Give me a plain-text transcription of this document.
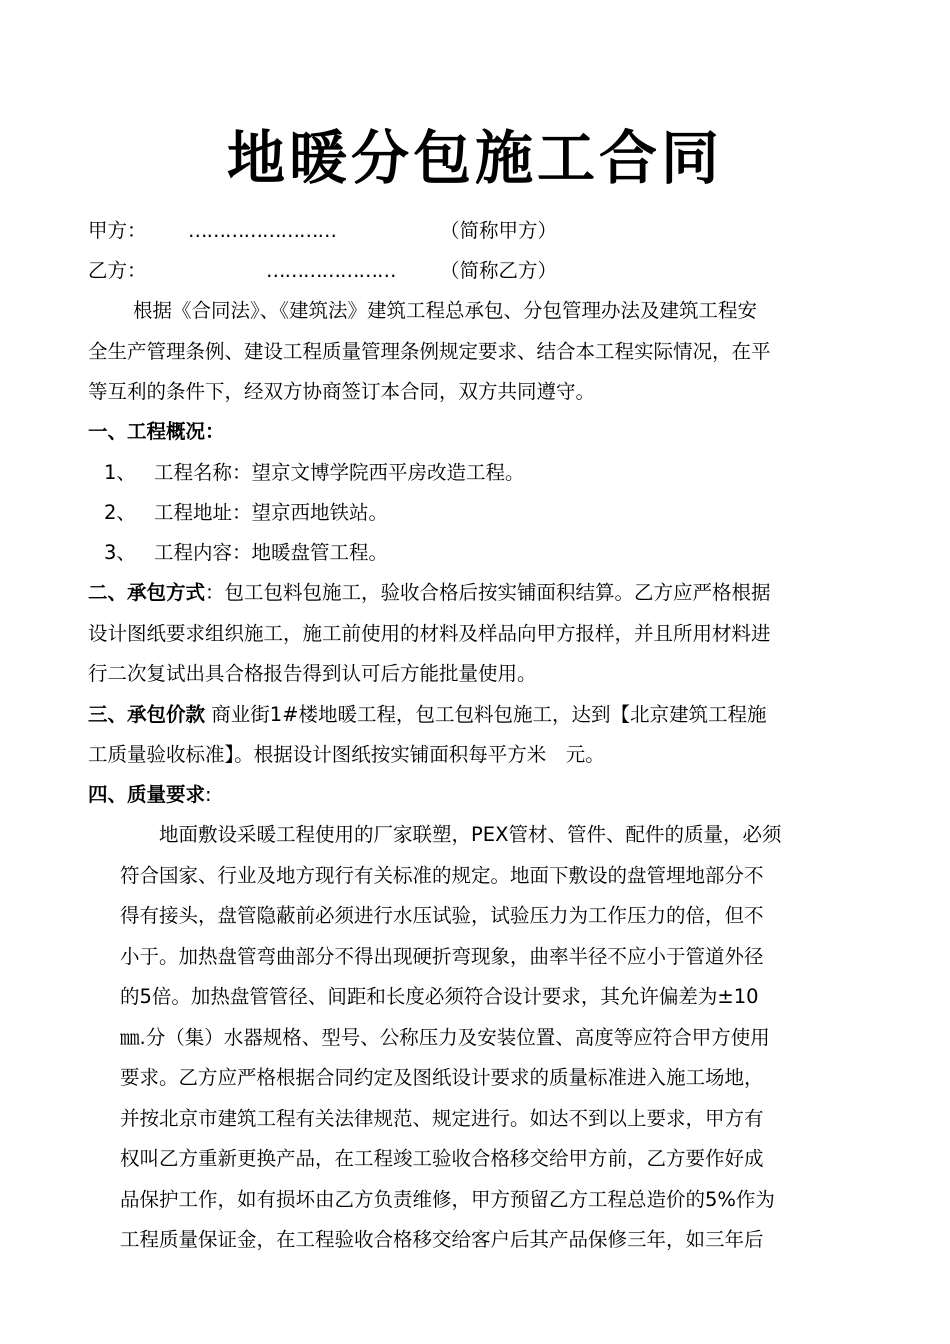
地暖分包施工合同
甲方： ……………………	（简称甲方）
乙方：	………………… （简称乙方）
根据《合同法》、《建筑法》建筑工程总承包、分包管理办法及建筑工程安
全生产管理条例、建设工程质量管理条例规定要求、结合本工程实际情况，在平
等互利的条件下，经双方协商签订本合同，双方共同遵守。
一、工程概况：
1、 工程名称：望京文博学院西平房改造工程。
2、 工程地址：望京西地铁站。
3、 工程内容：地暖盘管工程。
二、承包方式：包工包料包施工，验收合格后按实铺面积结算。乙方应严格根据
设计图纸要求组织施工，施工前使用的材料及样品向甲方报样，并且所用材料进
行二次复试出具合格报告得到认可后方能批量使用。
三、承包价款 商业街1#楼地暖工程，包工包料包施工，达到【北京建筑工程施
工质量验收标准】。根据设计图纸按实铺面积每平方米　元。
四、质量要求:
　　地面敷设采暖工程使用的厂家联塑，PEX管材、管件、配件的质量，必须
符合国家、行业及地方现行有关标准的规定。地面下敷设的盘管埋地部分不
得有接头，盘管隐蔽前必须进行水压试验，试验压力为工作压力的倍，但不
小于。加热盘管弯曲部分不得出现硬折弯现象，曲率半径不应小于管道外径
的5倍。加热盘管管径、间距和长度必须符合设计要求，其允许偏差为±10
㎜.分（集）水器规格、型号、公称压力及安装位置、高度等应符合甲方使用
要求。乙方应严格根据合同约定及图纸设计要求的质量标准进入施工场地，
并按北京市建筑工程有关法律规范、规定进行。如达不到以上要求，甲方有
权叫乙方重新更换产品，在工程竣工验收合格移交给甲方前，乙方要作好成
品保护工作，如有损坏由乙方负责维修，甲方预留乙方工程总造价的5%作为
工程质量保证金，在工程验收合格移交给客户后其产品保修三年，如三年后
